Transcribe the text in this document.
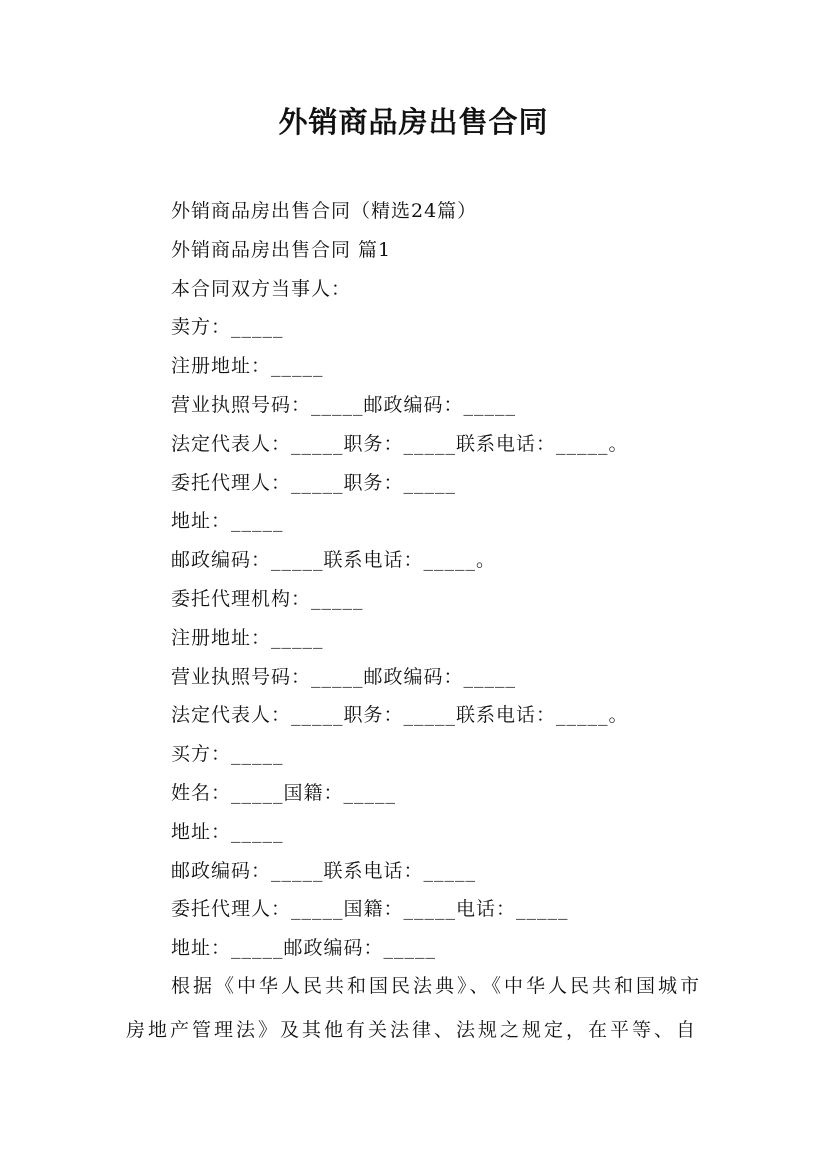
外销商品房出售合同
外销商品房出售合同（精选24篇）
外销商品房出售合同 篇1
本合同双方当事人：
卖方：_____
注册地址：_____
营业执照号码：_____邮政编码：_____
法定代表人：_____职务：_____联系电话：_____。
委托代理人：_____职务：_____
地址：_____
邮政编码：_____联系电话：_____。
委托代理机构：_____
注册地址：_____
营业执照号码：_____邮政编码：_____
法定代表人：_____职务：_____联系电话：_____。
买方：_____
姓名：_____国籍：_____
地址：_____
邮政编码：_____联系电话：_____
委托代理人：_____国籍：_____电话：_____
地址：_____邮政编码：_____
根据《中华人民共和国民法典》、《中华人民共和国城市房地产管理法》及其他有关法律、法规之规定，在平等、自
